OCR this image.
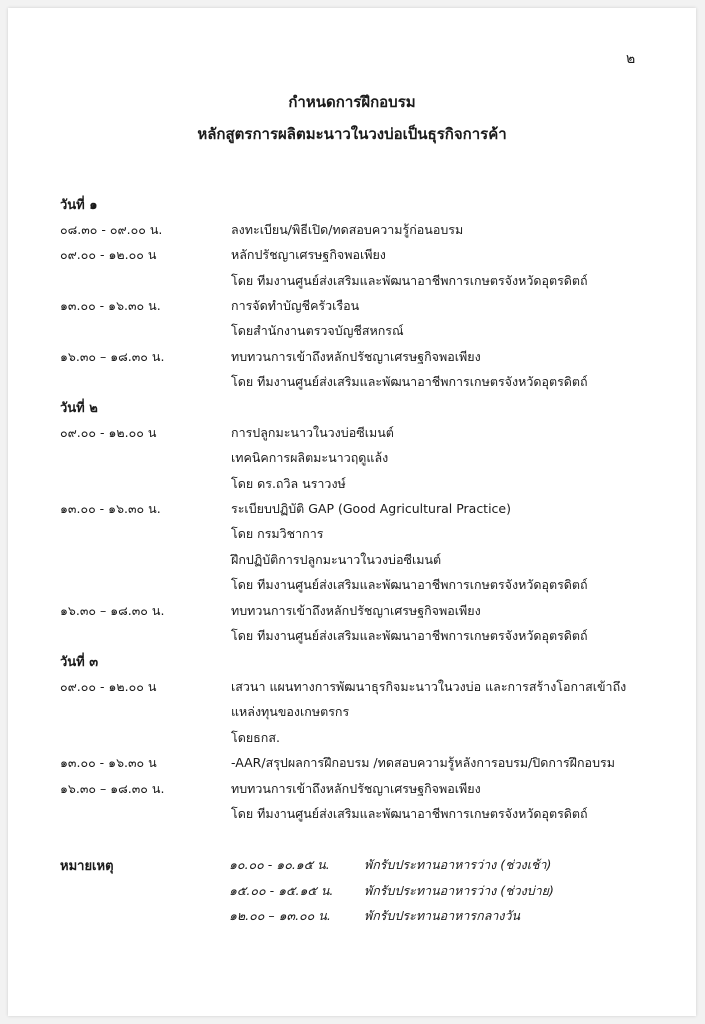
๒
กำหนดการฝึกอบรม
หลักสูตรการผลิตมะนาวในวงบ่อเป็นธุรกิจการค้า
วันที่ ๑
๐๘.๓๐ - ๐๙.๐๐ น.	ลงทะเบียน/พิธีเปิด/ทดสอบความรู้ก่อนอบรม
๐๙.๐๐ - ๑๒.๐๐ น	หลักปรัชญาเศรษฐกิจพอเพียง
โดย ทีมงานศูนย์ส่งเสริมและพัฒนาอาชีพการเกษตรจังหวัดอุตรดิตถ์
๑๓.๐๐ - ๑๖.๓๐ น.	การจัดทำบัญชีครัวเรือน
โดยสำนักงานตรวจบัญชีสหกรณ์
๑๖.๓๐ – ๑๘.๓๐ น.	ทบทวนการเข้าถึงหลักปรัชญาเศรษฐกิจพอเพียง
โดย ทีมงานศูนย์ส่งเสริมและพัฒนาอาชีพการเกษตรจังหวัดอุตรดิตถ์
วันที่ ๒
๐๙.๐๐ - ๑๒.๐๐ น	การปลูกมะนาวในวงบ่อซีเมนต์
เทคนิคการผลิตมะนาวฤดูแล้ง
โดย ดร.ถวิล นราวงษ์
๑๓.๐๐ - ๑๖.๓๐ น.	ระเบียบปฏิบัติ GAP (Good Agricultural Practice)
โดย กรมวิชาการ
ฝึกปฏิบัติการปลูกมะนาวในวงบ่อซีเมนต์
โดย ทีมงานศูนย์ส่งเสริมและพัฒนาอาชีพการเกษตรจังหวัดอุตรดิตถ์
๑๖.๓๐ – ๑๘.๓๐ น.	ทบทวนการเข้าถึงหลักปรัชญาเศรษฐกิจพอเพียง
โดย ทีมงานศูนย์ส่งเสริมและพัฒนาอาชีพการเกษตรจังหวัดอุตรดิตถ์
วันที่ ๓
๐๙.๐๐ - ๑๒.๐๐ น	เสวนา แผนทางการพัฒนาธุรกิจมะนาวในวงบ่อ และการสร้างโอกาสเข้าถึง
แหล่งทุนของเกษตรกร
โดยธกส.
๑๓.๐๐ - ๑๖.๓๐ น	-AAR/สรุปผลการฝึกอบรม /ทดสอบความรู้หลังการอบรม/ปิดการฝึกอบรม
๑๖.๓๐ – ๑๘.๓๐ น.	ทบทวนการเข้าถึงหลักปรัชญาเศรษฐกิจพอเพียง
โดย ทีมงานศูนย์ส่งเสริมและพัฒนาอาชีพการเกษตรจังหวัดอุตรดิตถ์
หมายเหตุ	๑๐.๐๐ - ๑๐.๑๕ น.	พักรับประทานอาหารว่าง (ช่วงเช้า)
๑๕.๐๐ - ๑๕.๑๕ น. พักรับประทานอาหารว่าง (ช่วงบ่าย)
๑๒.๐๐ – ๑๓.๐๐ น.	พักรับประทานอาหารกลางวัน
